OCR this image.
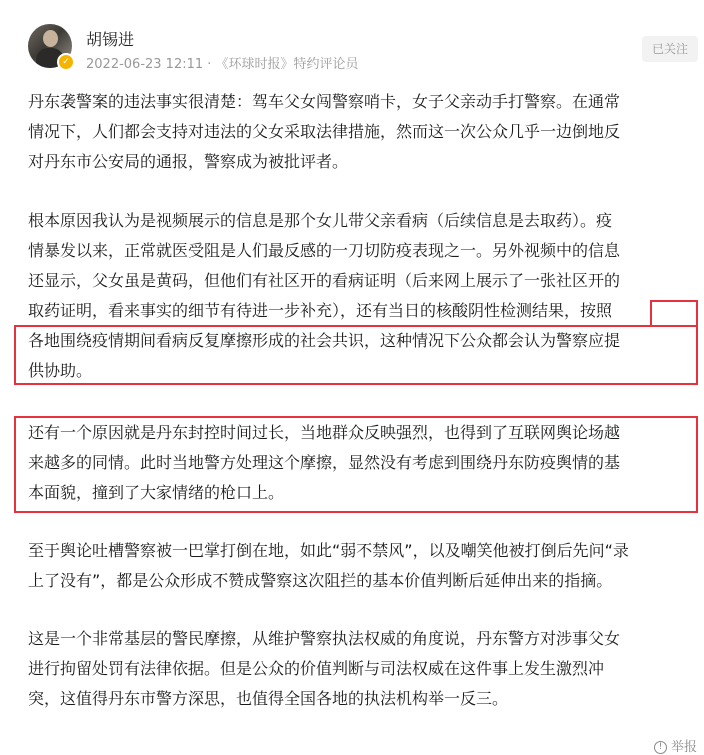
✓
胡锡进
2022-06-23 12:11 · 《环球时报》特约评论员
已关注

丹东袭警案的违法事实很清楚：驾车父女闯警察哨卡，女子父亲动手打警察。在通常
情况下，人们都会支持对违法的父女采取法律措施，然而这一次公众几乎一边倒地反
对丹东市公安局的通报，警察成为被批评者。

根本原因我认为是视频展示的信息是那个女儿带父亲看病（后续信息是去取药）。疫
情暴发以来，正常就医受阻是人们最反感的一刀切防疫表现之一。另外视频中的信息
还显示，父女虽是黄码，但他们有社区开的看病证明（后来网上展示了一张社区开的
取药证明，看来事实的细节有待进一步补充），还有当日的核酸阴性检测结果，按照
各地围绕疫情期间看病反复摩擦形成的社会共识，这种情况下公众都会认为警察应提
供协助。

还有一个原因就是丹东封控时间过长，当地群众反映强烈，也得到了互联网舆论场越
来越多的同情。此时当地警方处理这个摩擦，显然没有考虑到围绕丹东防疫舆情的基
本面貌，撞到了大家情绪的枪口上。

至于舆论吐槽警察被一巴掌打倒在地，如此“弱不禁风”，以及嘲笑他被打倒后先问“录
上了没有”，都是公众形成不赞成警察这次阻拦的基本价值判断后延伸出来的指摘。

这是一个非常基层的警民摩擦，从维护警察执法权威的角度说，丹东警方对涉事父女
进行拘留处罚有法律依据。但是公众的价值判断与司法权威在这件事上发生激烈冲
突，这值得丹东市警方深思，也值得全国各地的执法机构举一反三。

! 举报
